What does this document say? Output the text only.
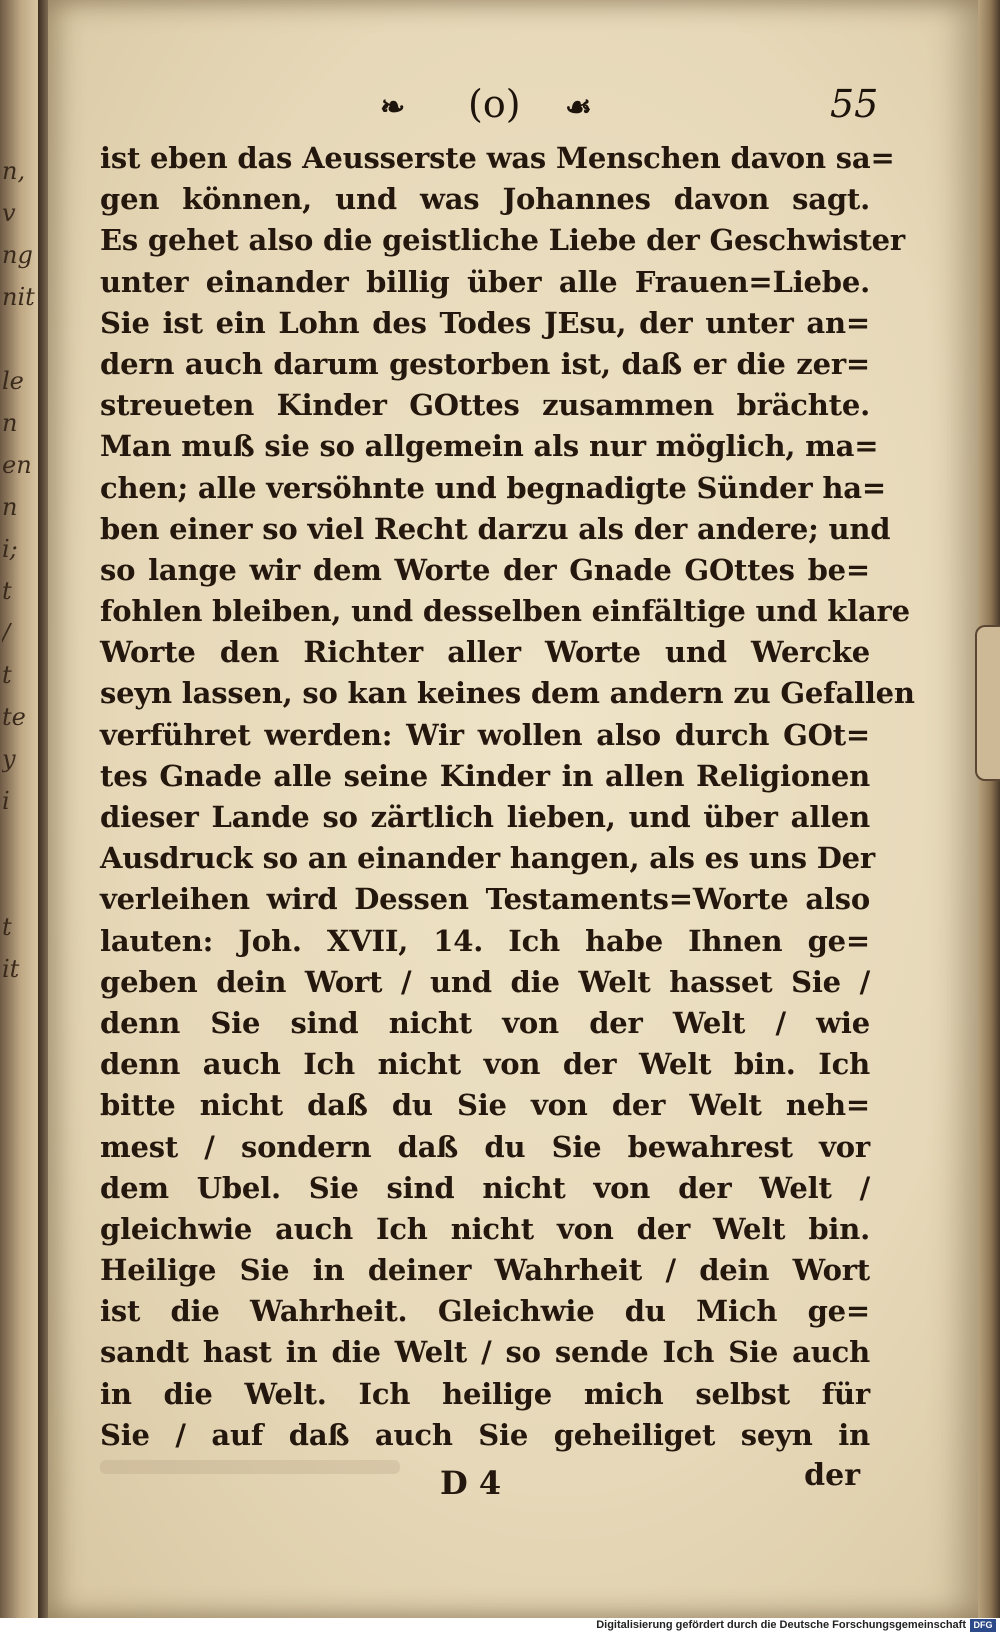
n,
v
ng
nit

le
n
en
n
i;
t
/
t
te
y
i

t
it
❧ (o) ☙	55
ist eben das Aeusserste was Menschen davon sa=
gen können, und was Johannes davon sagt.
Es gehet also die geistliche Liebe der Geschwister
unter einander billig über alle Frauen=Liebe.
Sie ist ein Lohn des Todes JEsu, der unter an=
dern auch darum gestorben ist, daß er die zer=
streueten Kinder GOttes zusammen brächte.
Man muß sie so allgemein als nur möglich, ma=
chen; alle versöhnte und begnadigte Sünder ha=
ben einer so viel Recht darzu als der andere; und
so lange wir dem Worte der Gnade GOttes be=
fohlen bleiben, und desselben einfältige und klare
Worte den Richter aller Worte und Wercke
seyn lassen, so kan keines dem andern zu Gefallen
verführet werden: Wir wollen also durch GOt=
tes Gnade alle seine Kinder in allen Religionen
dieser Lande so zärtlich lieben, und über allen
Ausdruck so an einander hangen, als es uns Der
verleihen wird Dessen Testaments=Worte also
lauten: Joh. XVII, 14. Ich habe Ihnen ge=
geben dein Wort / und die Welt hasset Sie /
denn Sie sind nicht von der Welt / wie
denn auch Ich nicht von der Welt bin. Ich
bitte nicht daß du Sie von der Welt neh=
mest / sondern daß du Sie bewahrest vor
dem Ubel. Sie sind nicht von der Welt /
gleichwie auch Ich nicht von der Welt bin.
Heilige Sie in deiner Wahrheit / dein Wort
ist die Wahrheit. Gleichwie du Mich ge=
sandt hast in die Welt / so sende Ich Sie auch
in die Welt. Ich heilige mich selbst für
Sie / auf daß auch Sie geheiliget seyn in
D 4	der
Digitalisierung gefördert durch die Deutsche Forschungsgemeinschaft DFG
